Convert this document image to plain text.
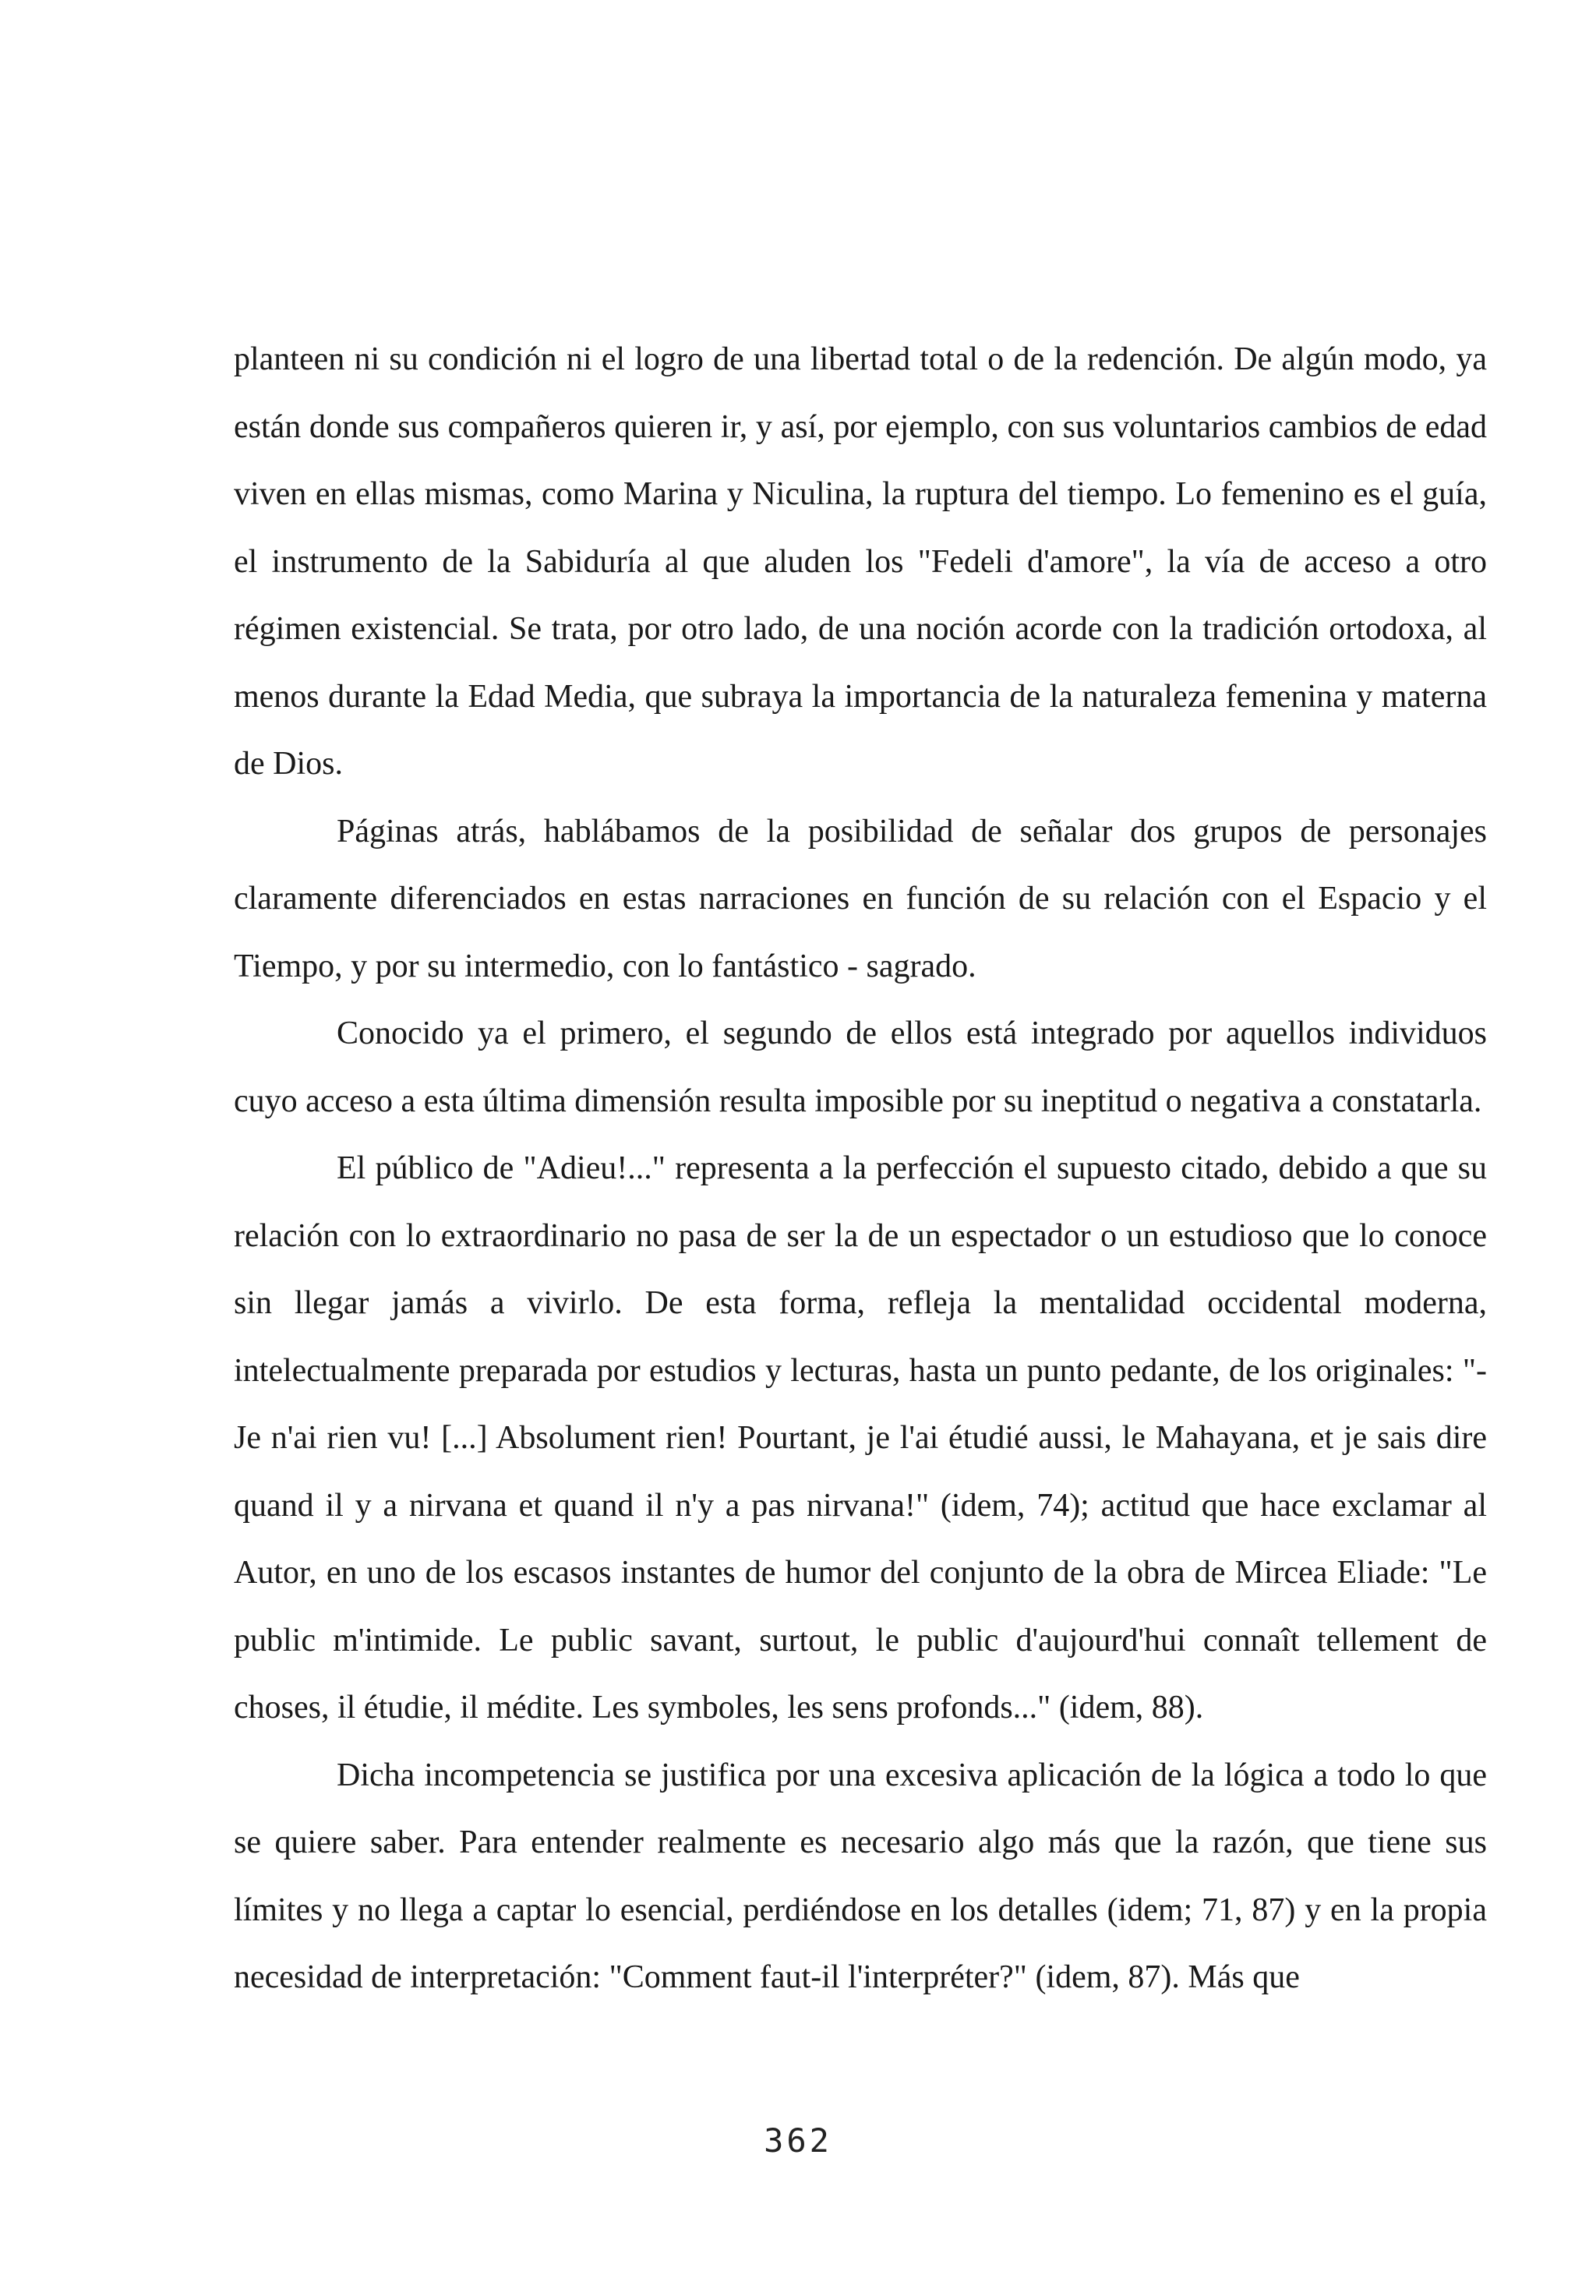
planteen ni su condición ni el logro de una libertad total o de la redención. De algún modo, ya están donde sus compañeros quieren ir, y así, por ejemplo, con sus voluntarios cambios de edad viven en ellas mismas, como Marina y Niculina, la ruptura del tiempo. Lo femenino es el guía, el instrumento de la Sabiduría al que aluden los "Fedeli d'amore", la vía de acceso a otro régimen existencial. Se trata, por otro lado, de una noción acorde con la tradición ortodoxa, al menos durante la Edad Media, que subraya la importancia de la naturaleza femenina y materna de Dios.

Páginas atrás, hablábamos de la posibilidad de señalar dos grupos de personajes claramente diferenciados en estas narraciones en función de su relación con el Espacio y el Tiempo, y por su intermedio, con lo fantástico - sagrado.

Conocido ya el primero, el segundo de ellos está integrado por aquellos individuos cuyo acceso a esta última dimensión resulta imposible por su ineptitud o negativa a constatarla.

El público de "Adieu!..." representa a la perfección el supuesto citado, debido a que su relación con lo extraordinario no pasa de ser la de un espectador o un estudioso que lo conoce sin llegar jamás a vivirlo. De esta forma, refleja la mentalidad occidental moderna, intelectualmente preparada por estudios y lecturas, hasta un punto pedante, de los originales: "-Je n'ai rien vu! [...] Absolument rien! Pourtant, je l'ai étudié aussi, le Mahayana, et je sais dire quand il y a nirvana et quand il n'y a pas nirvana!" (idem, 74); actitud que hace exclamar al Autor, en uno de los escasos instantes de humor del conjunto de la obra de Mircea Eliade: "Le public m'intimide. Le public savant, surtout, le public d'aujourd'hui connaît tellement de choses, il étudie, il médite. Les symboles, les sens profonds..." (idem, 88).

Dicha incompetencia se justifica por una excesiva aplicación de la lógica a todo lo que se quiere saber. Para entender realmente es necesario algo más que la razón, que tiene sus límites y no llega a captar lo esencial, perdiéndose en los detalles (idem; 71, 87) y en la propia necesidad de interpretación: "Comment faut-il l'interpréter?" (idem, 87). Más que

362
